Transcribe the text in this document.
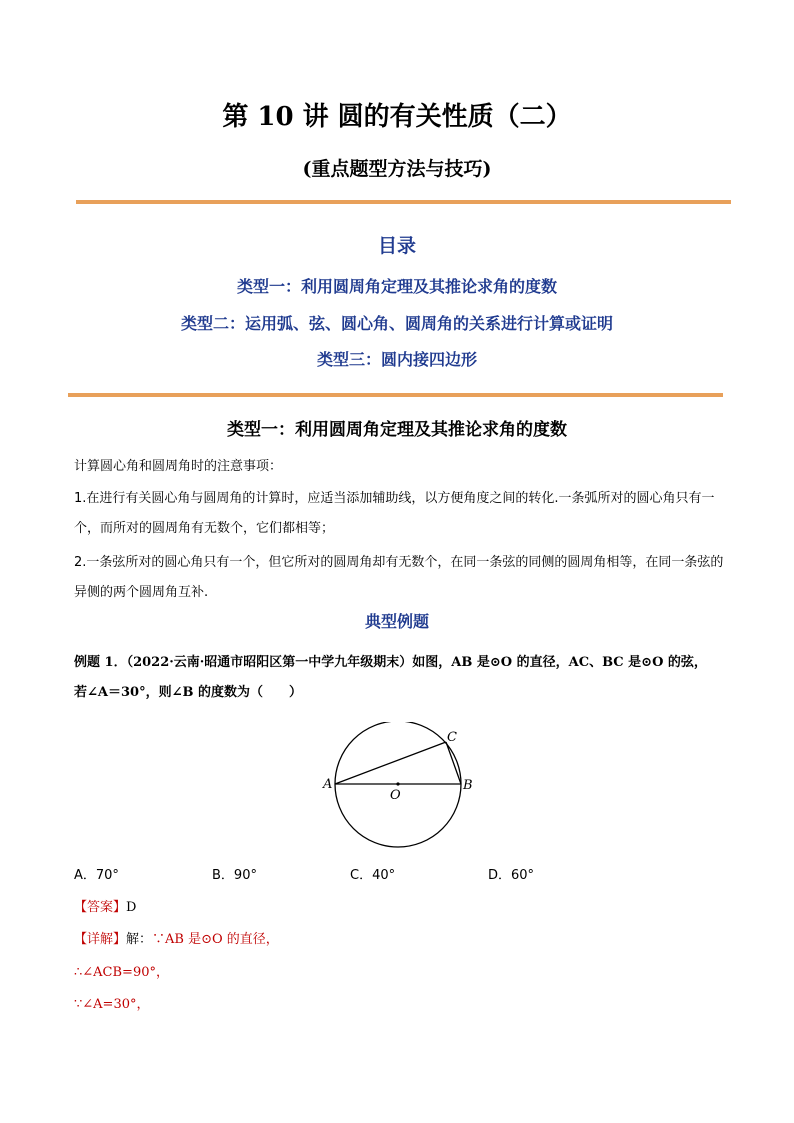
第 10 讲 圆的有关性质（二）
(重点题型方法与技巧)
目录
类型一：利用圆周角定理及其推论求角的度数
类型二：运用弧、弦、圆心角、圆周角的关系进行计算或证明
类型三：圆内接四边形
类型一：利用圆周角定理及其推论求角的度数
计算圆心角和圆周角时的注意事项：
1.在进行有关圆心角与圆周角的计算时，应适当添加辅助线，以方便角度之间的转化.一条弧所对的圆心角只有一个，而所对的圆周角有无数个，它们都相等；
2.一条弦所对的圆心角只有一个，但它所对的圆周角却有无数个，在同一条弦的同侧的圆周角相等，在同一条弦的异侧的两个圆周角互补.
典型例题
例题 1．（2022·云南·昭通市昭阳区第一中学九年级期末）如图，AB 是⊙O 的直径，AC、BC 是⊙O 的弦，
若∠A＝30°，则∠B 的度数为（　　）
A	B
C
O
A．70°	B．90°	C．40°	D．60°
【答案】D
【详解】解：∵AB 是⊙O 的直径，
∴∠ACB=90°，
∵∠A=30°，
